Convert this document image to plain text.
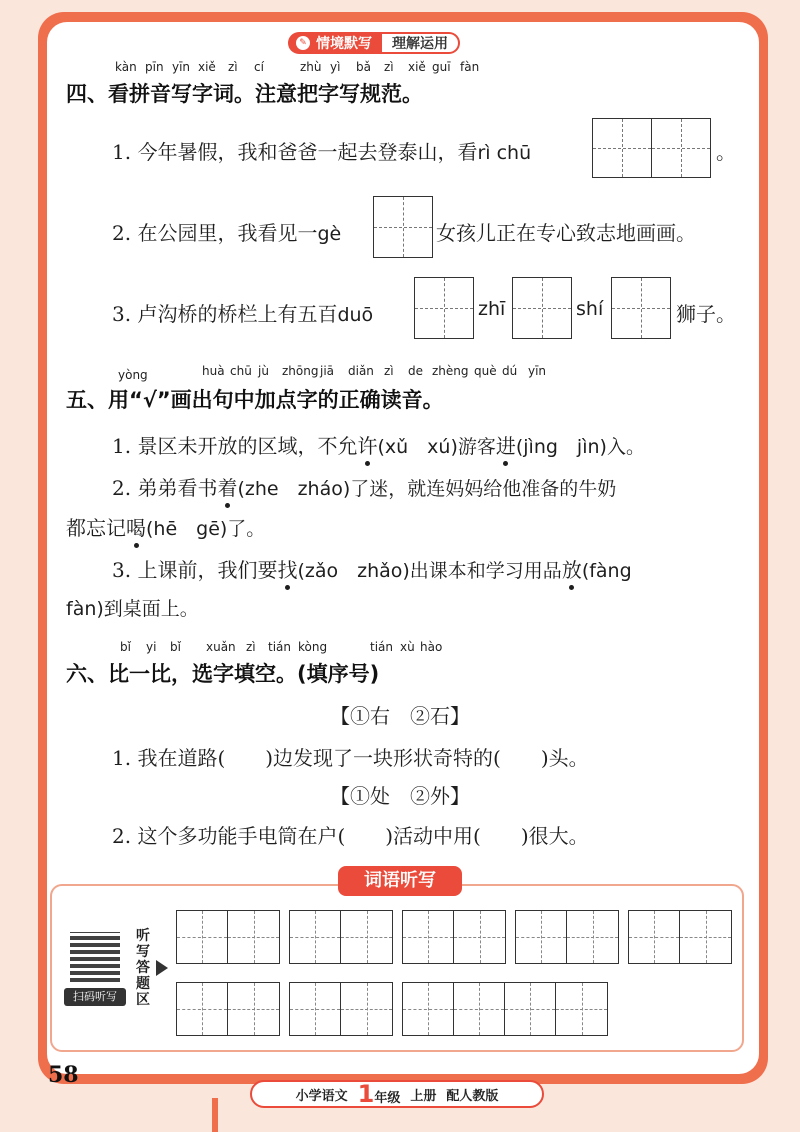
✎ 情境默写	理解运用
kàn pīn yīn xiě zì cí	zhù yì bǎ zì xiě guī fàn
四、看拼音写字词。注意把字写规范。
1. 今年暑假，我和爸爸一起去登泰山，看rì chū	。
2. 在公园里，我看见一gè	女孩儿正在专心致志地画画。
3. 卢沟桥的桥栏上有五百duō	zhī	shí	狮子。
yòng	huà chū jù zhōng jiā diǎn zì de zhèng què dú yīn
五、用“√”画出句中加点字的正确读音。
1. 景区未开放的区域，不允许(xǔ　xú)游客进(jìng　jìn)入。
2. 弟弟看书着(zhe　zháo)了迷，就连妈妈给他准备的牛奶
都忘记喝(hē　gē)了。
3. 上课前，我们要找(zǎo　zhǎo)出课本和学习用品放(fàng
fàn)到桌面上。
bǐ yi bǐ xuǎn zì tián kòng	tián xù hào
六、比一比，选字填空。(填序号)
【①右　②石】
1. 我在道路(　　)边发现了一块形状奇特的(　　)头。
【①处　②外】
2. 这个多功能手电筒在户(　　)活动中用(　　)很大。
词语听写
扫码听写
听
写
答
题
区
58
小学语文 1年级 上册 配人教版
